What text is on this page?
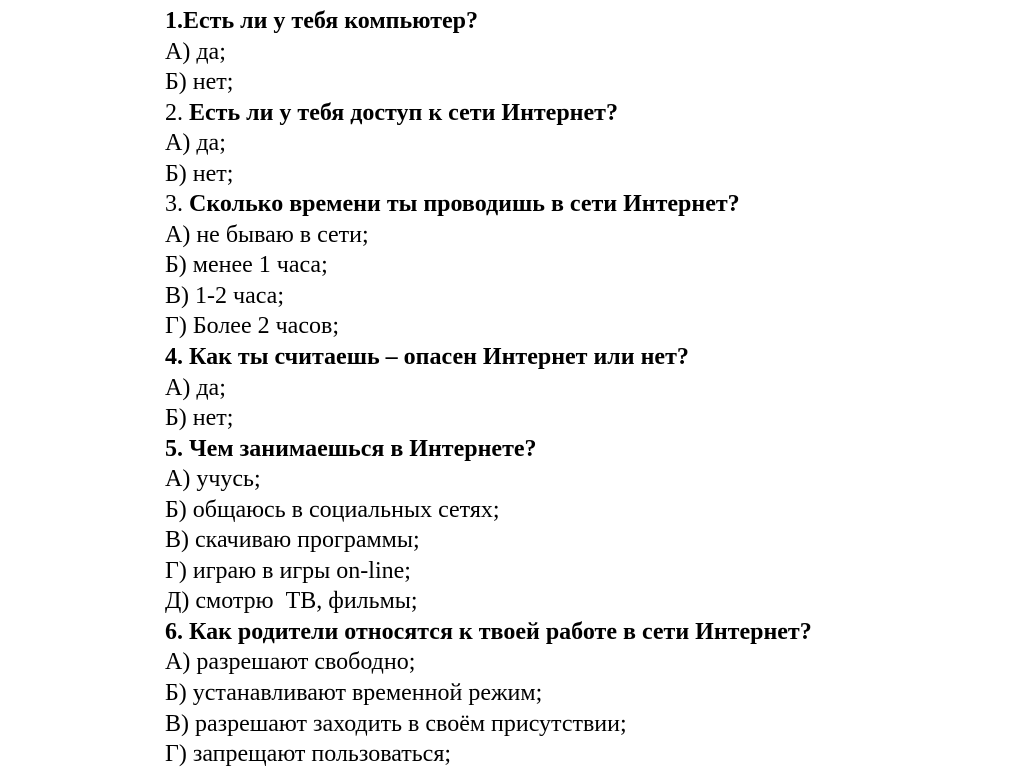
1.Есть ли у тебя компьютер?
А) да;
Б) нет;
2. Есть ли у тебя доступ к сети Интернет?
А) да;
Б) нет;
3. Сколько времени ты проводишь в сети Интернет?
А) не бываю в сети;
Б) менее 1 часа;
В) 1-2 часа;
Г) Более 2 часов;
4. Как ты считаешь – опасен Интернет или нет?
А) да;
Б) нет;
5. Чем занимаешься в Интернете?
А) учусь;
Б) общаюсь в социальных сетях;
В) скачиваю программы;
Г) играю в игры on-line;
Д) смотрю  ТВ, фильмы;
6. Как родители относятся к твоей работе в сети Интернет?
А) разрешают свободно;
Б) устанавливают временной режим;
В) разрешают заходить в своём присутствии;
Г) запрещают пользоваться;
